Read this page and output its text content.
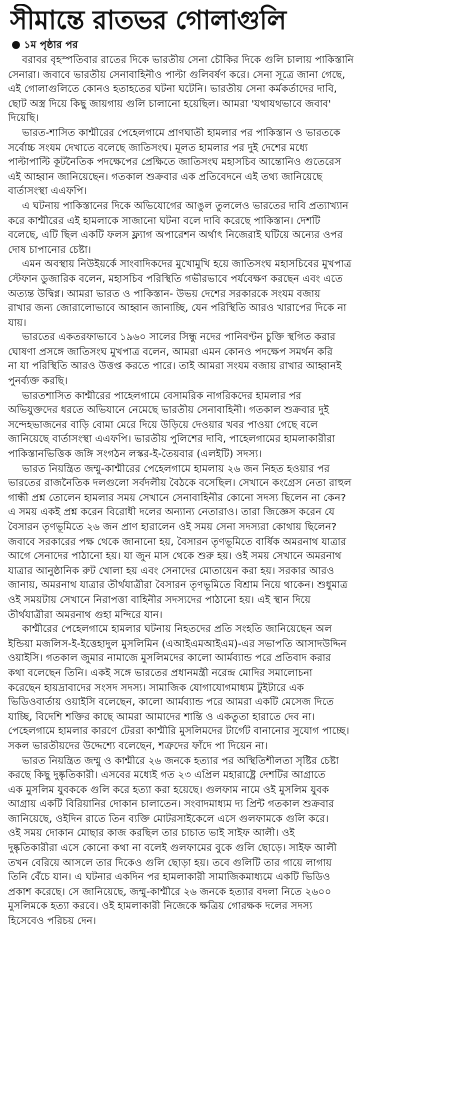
সীমান্তে রাতভর গোলাগুলি
১ম পৃষ্ঠার পর
বরাবর বৃহস্পতিবার রাতের দিকে ভারতীয় সেনা চৌকির দিকে গুলি চালায় পাকিস্তানি
সেনারা। জবাবে ভারতীয় সেনাবাহিনীও পাল্টা গুলিবর্ষণ করে। সেনা সূত্রে জানা গেছে,
এই গোলাগুলিতে কোনও হতাহতের ঘটনা ঘটেনি। ভারতীয় সেনা কর্মকর্তাদের দাবি,
ছোট অস্ত্র দিয়ে কিছু জায়গায় গুলি চালানো হয়েছিল। আমরা 'যথাযথভাবে জবাব'
দিয়েছি।
ভারত-শাসিত কাশ্মীরের পেহেলগামে প্রাণঘাতী হামলার পর পাকিস্তান ও ভারতকে
সর্বোচ্চ সংযম দেখাতে বলেছে জাতিসংঘ। মূলত হামলার পর দুই দেশের মধ্যে
পাল্টাপাল্টি কূটনৈতিক পদক্ষেপের প্রেক্ষিতে জাতিসংঘ মহাসচিব আন্তোনিও গুতেরেস
এই আহ্বান জানিয়েছেন। গতকাল শুক্রবার এক প্রতিবেদনে এই তথ্য জানিয়েছে
বার্তাসংস্থা এএফপি।
এ ঘটনায় পাকিস্তানের দিকে অভিযোগের আঙুল তুললেও ভারতের দাবি প্রত্যাখ্যান
করে কাশ্মীরের এই হামলাকে সাজানো ঘটনা বলে দাবি করেছে পাকিস্তান। দেশটি
বলেছে, এটি ছিল একটি ফলস ফ্ল্যাগ অপারেশন অর্থাৎ নিজেরাই ঘটিয়ে অন্যের ওপর
দোষ চাপানোর চেষ্টা।
এমন অবস্থায় নিউইয়র্কে সাংবাদিকদের মুখোমুখি হয়ে জাতিসংঘ মহাসচিবের মুখপাত্র
স্টেফান ডুজারিক বলেন, মহাসচিব পরিস্থিতি গভীরভাবে পর্যবেক্ষণ করছেন এবং এতে
অত্যন্ত উদ্বিগ্ন। আমরা ভারত ও পাকিস্তান- উভয় দেশের সরকারকে সংযম বজায়
রাখার জন্য জোরালোভাবে আহ্বান জানাচ্ছি, যেন পরিস্থিতি আরও খারাপের দিকে না
যায়।
ভারতের একতরফাভাবে ১৯৬০ সালের সিন্ধু নদের পানিবণ্টন চুক্তি স্থগিত করার
ঘোষণা প্রসঙ্গে জাতিসংঘ মুখপাত্র বলেন, আমরা এমন কোনও পদক্ষেপ সমর্থন করি
না যা পরিস্থিতি আরও উত্তপ্ত করতে পারে। তাই আমরা সংযম বজায় রাখার আহ্বানই
পুনর্ব্যক্ত করছি।
ভারতশাসিত কাশ্মীরের পাহেলগামে বেসামরিক নাগরিকদের হামলার পর
অভিযুক্তদের ধরতে অভিযানে নেমেছে ভারতীয় সেনাবাহিনী। গতকাল শুক্রবার দুই
সন্দেহভাজনের বাড়ি বোমা মেরে দিয়ে উড়িয়ে দেওয়ার খবর পাওয়া গেছে বলে
জানিয়েছে বার্তাসংস্থা এএফপি। ভারতীয় পুলিশের দাবি, পাহেলগামের হামলাকারীরা
পাকিস্তানভিত্তিক জঙ্গি সংগঠন লস্কর-ই-তৈয়বার (এলইটি) সদস্য।
ভারত নিয়ন্ত্রিত জম্মু-কাশ্মীরের পেহেলগামে হামলায় ২৬ জন নিহত হওয়ার পর
ভারতের রাজনৈতিক দলগুলো সর্বদলীয় বৈঠকে বসেছিল। সেখানে কংগ্রেস নেতা রাহুল
গান্ধী প্রশ্ন তোলেন হামলার সময় সেখানে সেনাবাহিনীর কোনো সদস্য ছিলেন না কেন?
এ সময় একই প্রশ্ন করেন বিরোধী দলের অন্যান্য নেতারাও। তারা জিজ্ঞেস করেন যে
বৈসারন তৃণভূমিতে ২৬ জন প্রাণ হারালেন ওই সময় সেনা সদস্যরা কোথায় ছিলেন?
জবাবে সরকারের পক্ষ থেকে জানানো হয়, বৈসারন তৃণভূমিতে বার্ষিক অমরনাথ যাত্রার
আগে সেনাদের পাঠানো হয়। যা জুন মাস থেকে শুরু হয়। ওই সময় সেখানে অমরনাথ
যাত্রার আনুষ্ঠানিক রুট খোলা হয় এবং সেনাদের মোতায়েন করা হয়। সরকার আরও
জানায়, অমরনাথ যাত্রার তীর্থযাত্রীরা বৈসারন তৃণভূমিতে বিশ্রাম নিয়ে থাকেন। শুধুমাত্র
ওই সময়টায় সেখানে নিরাপত্তা বাহিনীর সদস্যদের পাঠানো হয়। এই স্থান দিয়ে
তীর্থযাত্রীরা অমরনাথ গুহা মন্দিরে যান।
কাশ্মীরের পেহেলগামে হামলার ঘটনায় নিহতদের প্রতি সংহতি জানিয়েছেন অল
ইন্ডিয়া মজলিস-ই-ইত্তেহাদুল মুসলিমিন (এআইএমআইএম)-এর সভাপতি আসাদউদ্দিন
ওয়াইসি। গতকাল জুমার নামাজে মুসলিমদের কালো আর্মব্যান্ড পরে প্রতিবাদ করার
কথা বলেছেন তিনি। একই সঙ্গে ভারতের প্রধানমন্ত্রী নরেন্দ্র মোদির সমালোচনা
করেছেন হায়দ্রাবাদের সংসদ সদস্য। সামাজিক যোগাযোগমাধ্যম টুইটারে এক
ভিডিওবার্তায় ওয়াইসি বলেছেন, কালো আর্মব্যান্ড পরে আমরা একটি মেসেজ দিতে
যাচ্ছি, বিদেশি শক্তির কাছে আমরা আমাদের শান্তি ও একতুতা হারাতে দেব না।
পেহেলগামে হামলার কারণে টেররা কাশ্মীরি মুসলিমদের টার্গেট বানানোর সুযোগ পাচ্ছে।
সকল ভারতীয়দের উদ্দেশ্যে বলেছেন, শত্রুদের ফাঁদে পা দিয়েন না।
ভারত নিয়ন্ত্রিত জম্মু ও কাশ্মীরে ২৬ জনকে হত্যার পর অস্থিতিশীলতা সৃষ্টির চেষ্টা
করছে কিছু দুষ্কৃতিকারী। এসবের মধ্যেই গত ২৩ এপ্রিল মহারাষ্ট্রে দেশটির আগ্রাতে
এক মুসলিম যুবককে গুলি করে হত্যা করা হয়েছে। গুলফাম নামে ওই মুসলিম যুবক
আগ্রায় একটি বিরিয়ানির দোকান চালাতেন। সংবাদমাধ্যম দ্য প্রিন্ট গতকাল শুক্রবার
জানিয়েছে, ওইদিন রাতে তিন ব্যক্তি মোটরসাইকেলে এসে গুলফামকে গুলি করে।
ওই সময় দোকান মোছার কাজ করছিল তার চাচাত ভাই সাইফ আলী। ওই
দুষ্কৃতিকারীরা এসে কোনো কথা না বলেই গুলফামের বুকে গুলি ছোড়ে। সাইফ আলী
তখন বেরিয়ে আসলে তার দিকেও গুলি ছোড়া হয়। তবে গুলিটি তার গায়ে লাগায়
তিনি বেঁচে যান। এ ঘটনার একদিন পর হামলাকারী সামাজিকমাধ্যমে একটি ভিডিও
প্রকাশ করেছে। সে জানিয়েছে, জম্মু-কাশ্মীরে ২৬ জনকে হত্যার বদলা নিতে ২৬০০
মুসলিমকে হত্যা করবে। ওই হামলাকারী নিজেকে ক্ষত্রিয় গোরক্ষক দলের সদস্য
হিসেবেও পরিচয় দেন।
